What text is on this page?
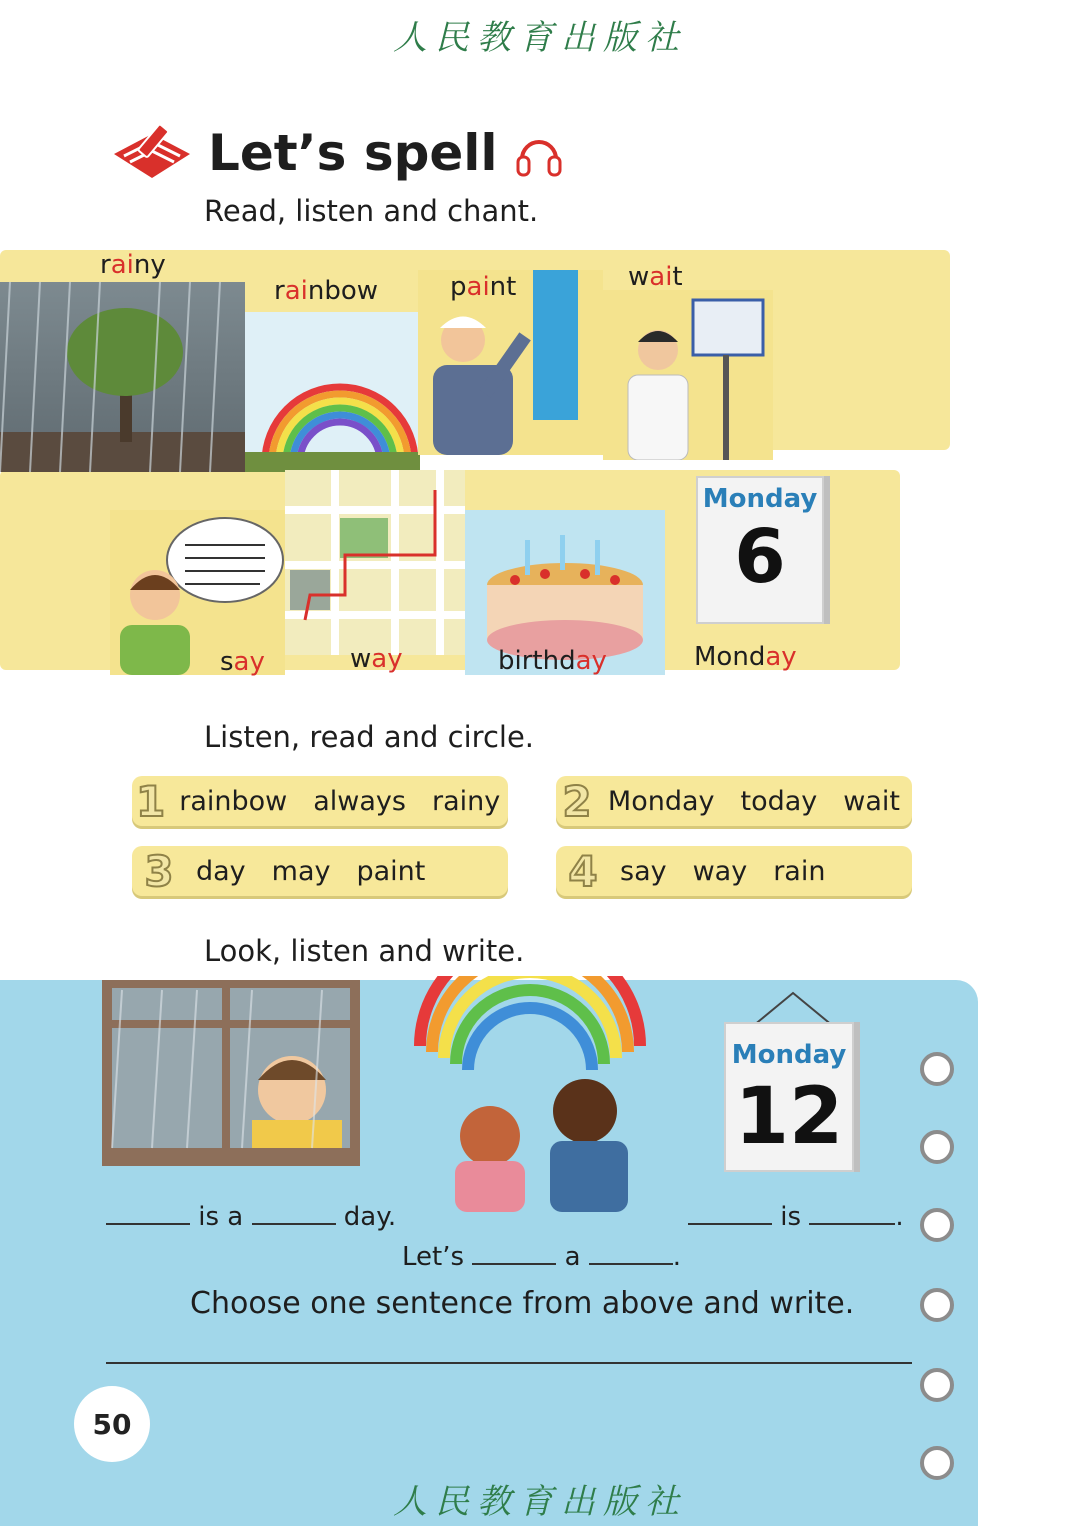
人民教育出版社
Let’s spell
Read, listen and chant.
rainy
rainbow	paint	wait
Monday
6
say	way	birthday	Monday
Listen, read and circle.
1 rainbow always rainy 2 Monday today wait
3 day may paint	4 say way rain
Look, listen and write.
Monday
12
is a	day.	is	.
Let’s	a	.
Choose one sentence from above and write.
50
人民教育出版社
